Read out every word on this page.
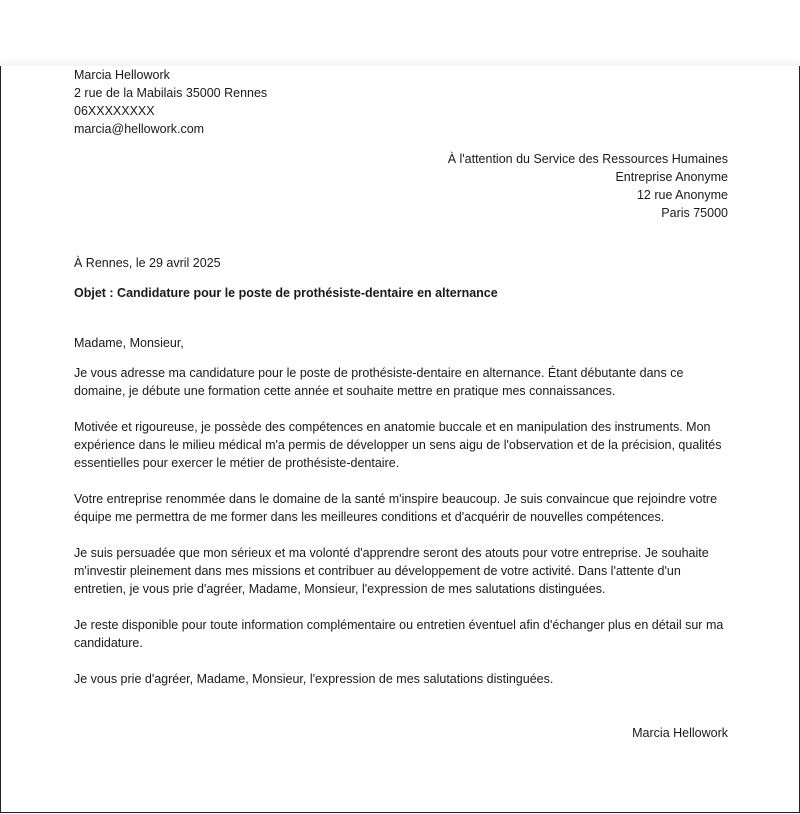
Marcia Hellowork
2 rue de la Mabilais 35000 Rennes
06XXXXXXXX
marcia@hellowork.com
À l'attention du Service des Ressources Humaines
Entreprise Anonyme
12 rue Anonyme
Paris 75000
À Rennes, le 29 avril 2025
Objet : Candidature pour le poste de prothésiste-dentaire en alternance
Madame, Monsieur,

Je vous adresse ma candidature pour le poste de prothésiste-dentaire en alternance. Étant débutante dans ce domaine, je débute une formation cette année et souhaite mettre en pratique mes connaissances.

Motivée et rigoureuse, je possède des compétences en anatomie buccale et en manipulation des instruments. Mon expérience dans le milieu médical m'a permis de développer un sens aigu de l'observation et de la précision, qualités essentielles pour exercer le métier de prothésiste-dentaire.

Votre entreprise renommée dans le domaine de la santé m'inspire beaucoup. Je suis convaincue que rejoindre votre équipe me permettra de me former dans les meilleures conditions et d'acquérir de nouvelles compétences.

Je suis persuadée que mon sérieux et ma volonté d'apprendre seront des atouts pour votre entreprise. Je souhaite m'investir pleinement dans mes missions et contribuer au développement de votre activité. Dans l'attente d'un entretien, je vous prie d'agréer, Madame, Monsieur, l'expression de mes salutations distinguées.

Je reste disponible pour toute information complémentaire ou entretien éventuel afin d'échanger plus en détail sur ma candidature.

Je vous prie d'agréer, Madame, Monsieur, l'expression de mes salutations distinguées.

Marcia Hellowork
